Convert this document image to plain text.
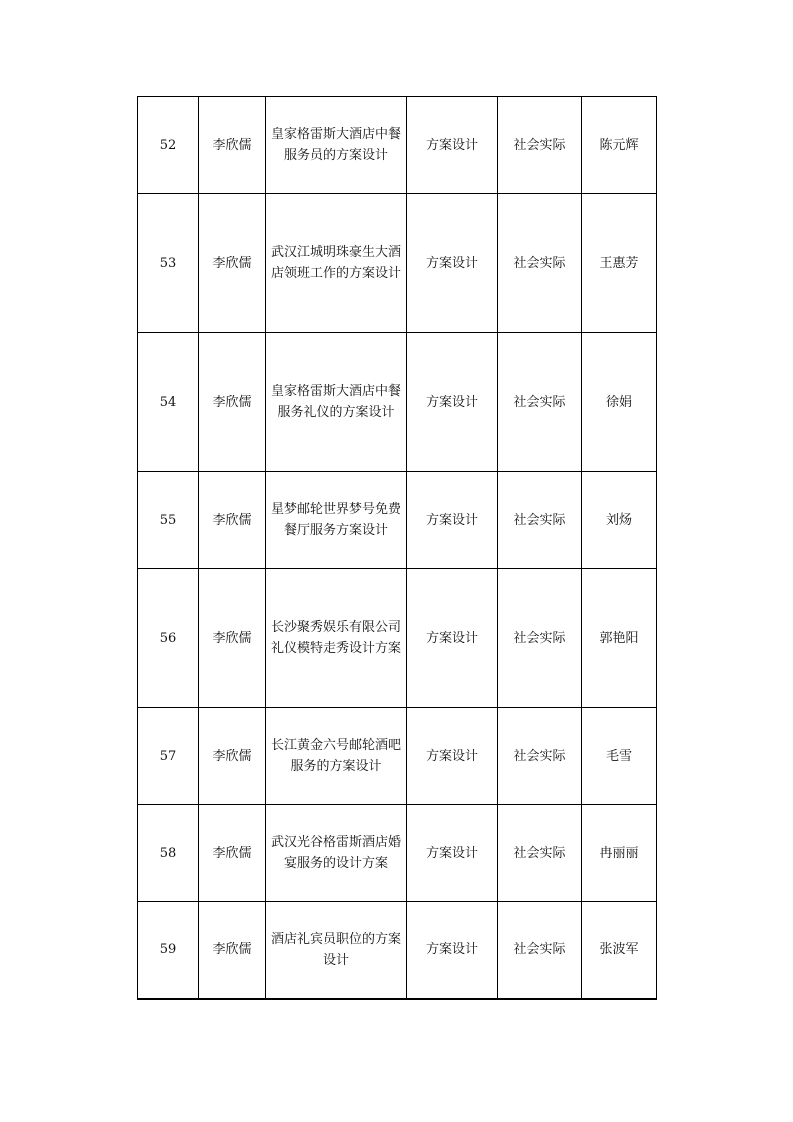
52	李欣儒	皇家格雷斯大酒店中餐服务员的方案设计	方案设计	社会实际	陈元辉
53	李欣儒	武汉江城明珠豪生大酒店领班工作的方案设计	方案设计	社会实际	王惠芳
54	李欣儒	皇家格雷斯大酒店中餐服务礼仪的方案设计	方案设计	社会实际	徐娟
55	李欣儒	星梦邮轮世界梦号免费餐厅服务方案设计	方案设计	社会实际	刘炀
56	李欣儒	长沙聚秀娱乐有限公司礼仪模特走秀设计方案	方案设计	社会实际	郭艳阳
57	李欣儒	长江黄金六号邮轮酒吧服务的方案设计	方案设计	社会实际	毛雪
58	李欣儒	武汉光谷格雷斯酒店婚宴服务的设计方案	方案设计	社会实际	冉丽丽
59	李欣儒	酒店礼宾员职位的方案设计	方案设计	社会实际	张波军
